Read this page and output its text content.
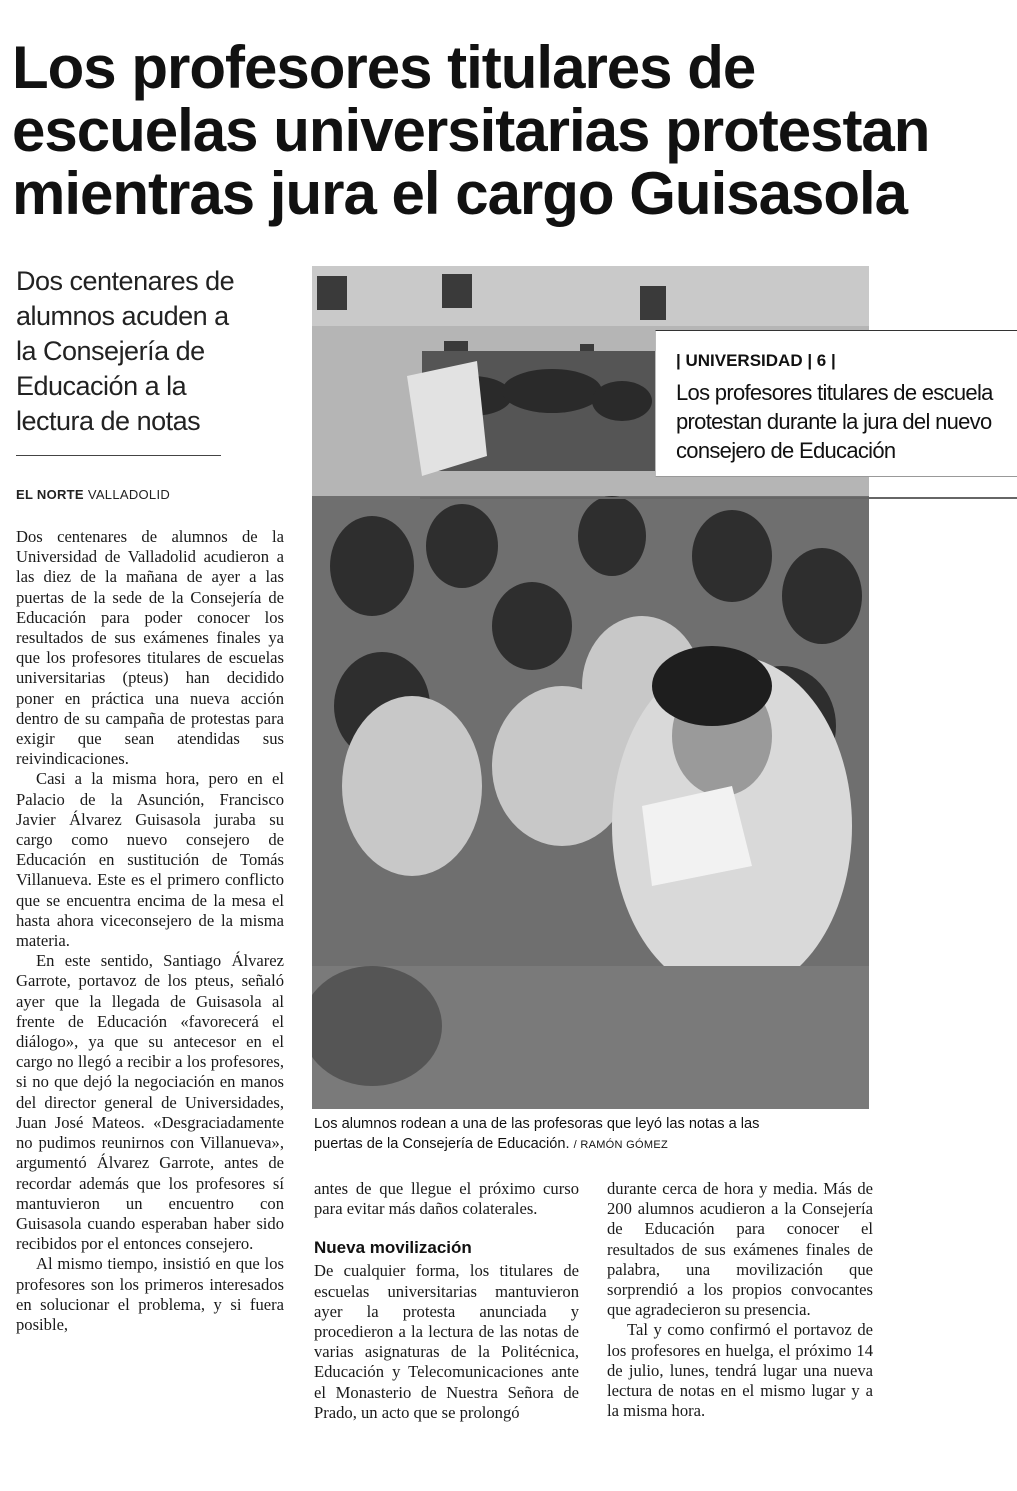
Los profesores titulares de
escuelas universitarias protestan
mientras jura el cargo Guisasola
Dos centenares de
alumnos acuden a
la Consejería de
Educación a la
lectura de notas
EL NORTE VALLADOLID

Dos centenares de alumnos de la Universidad de Valladolid acudieron a las diez de la mañana de ayer a las puertas de la sede de la Consejería de Educación para poder conocer los resultados de sus exámenes finales ya que los profesores titulares de escuelas universitarias (pteus) han decidido poner en práctica una nueva acción dentro de su campaña de protestas para exigir que sean atendidas sus reivindicaciones.

Casi a la misma hora, pero en el Palacio de la Asunción, Francisco Javier Álvarez Guisasola juraba su cargo como nuevo consejero de Educación en sustitución de Tomás Villanueva. Este es el primero conflicto que se encuentra encima de la mesa el hasta ahora viceconsejero de la misma materia.

En este sentido, Santiago Álvarez Garrote, portavoz de los pteus, señaló ayer que la llegada de Guisasola al frente de Educación «favorecerá el diálogo», ya que su antecesor en el cargo no llegó a recibir a los profesores, si no que dejó la negociación en manos del director general de Universidades, Juan José Mateos. «Desgraciadamente no pudimos reunirnos con Villanueva», argumentó Álvarez Garrote, antes de recordar además que los profesores sí mantuvieron un encuentro con Guisasola cuando esperaban haber sido recibidos por el entonces consejero.

Al mismo tiempo, insistió en que los profesores son los primeros interesados en solucionar el problema, y si fuera posible,

| UNIVERSIDAD | 6 |
Los profesores titulares de escuela
protestan durante la jura del nuevo
consejero de Educación
Los alumnos rodean a una de las profesoras que leyó las notas a las
puertas de la Consejería de Educación. / RAMÓN GÓMEZ

antes de que llegue el próximo curso para evitar más daños colaterales.

Nueva movilización

De cualquier forma, los titulares de escuelas universitarias mantuvieron ayer la protesta anunciada y procedieron a la lectura de las notas de varias asignaturas de la Politécnica, Educación y Telecomunicaciones ante el Monasterio de Nuestra Señora de Prado, un acto que se prolongó

durante cerca de hora y media. Más de 200 alumnos acudieron a la Consejería de Educación para conocer el resultados de sus exámenes finales de palabra, una movilización que sorprendió a los propios convocantes que agradecieron su presencia.

Tal y como confirmó el portavoz de los profesores en huelga, el próximo 14 de julio, lunes, tendrá lugar una nueva lectura de notas en el mismo lugar y a la misma hora.
